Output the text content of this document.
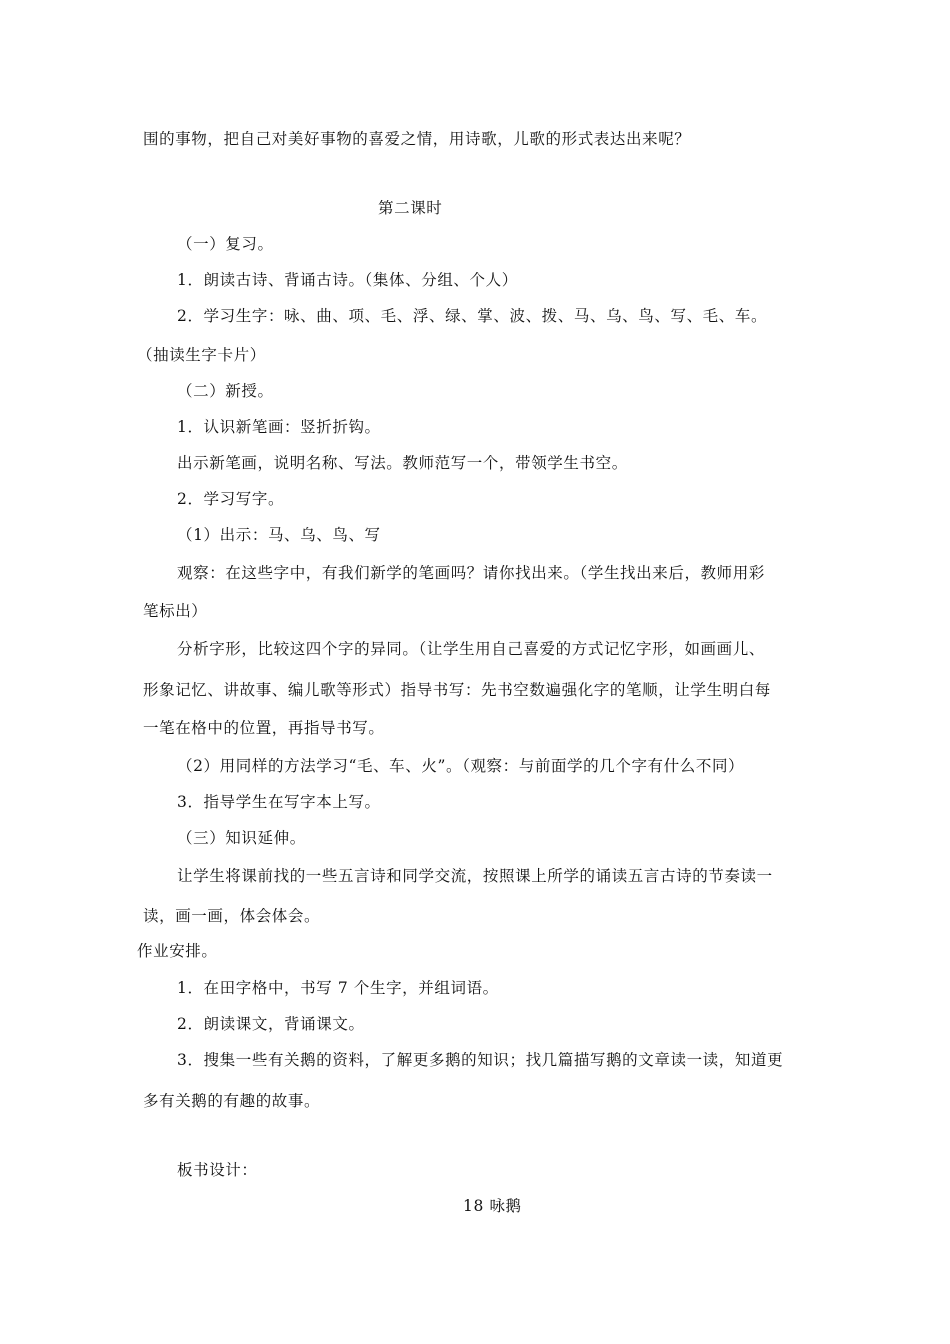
围的事物，把自己对美好事物的喜爱之情，用诗歌，儿歌的形式表达出来呢？
第二课时
（一）复习。
1．朗读古诗、背诵古诗。（集体、分组、个人）
2．学习生字：咏、曲、项、毛、浮、绿、掌、波、拨、马、乌、鸟、写、毛、车。
（抽读生字卡片）
（二）新授。
1．认识新笔画：竖折折钩。
出示新笔画，说明名称、写法。教师范写一个，带领学生书空。
2．学习写字。
（1）出示：马、乌、鸟、写
观察：在这些字中，有我们新学的笔画吗？请你找出来。（学生找出来后，教师用彩
笔标出）
分析字形，比较这四个字的异同。（让学生用自己喜爱的方式记忆字形，如画画儿、
形象记忆、讲故事、编儿歌等形式）指导书写：先书空数遍强化字的笔顺，让学生明白每
一笔在格中的位置，再指导书写。
（2）用同样的方法学习“毛、车、火”。（观察：与前面学的几个字有什么不同）
3．指导学生在写字本上写。
（三）知识延伸。
让学生将课前找的一些五言诗和同学交流，按照课上所学的诵读五言古诗的节奏读一
读，画一画，体会体会。
作业安排。
1．在田字格中，书写 7 个生字，并组词语。
2．朗读课文，背诵课文。
3．搜集一些有关鹅的资料，了解更多鹅的知识；找几篇描写鹅的文章读一读，知道更
多有关鹅的有趣的故事。
板书设计：
18 咏鹅
